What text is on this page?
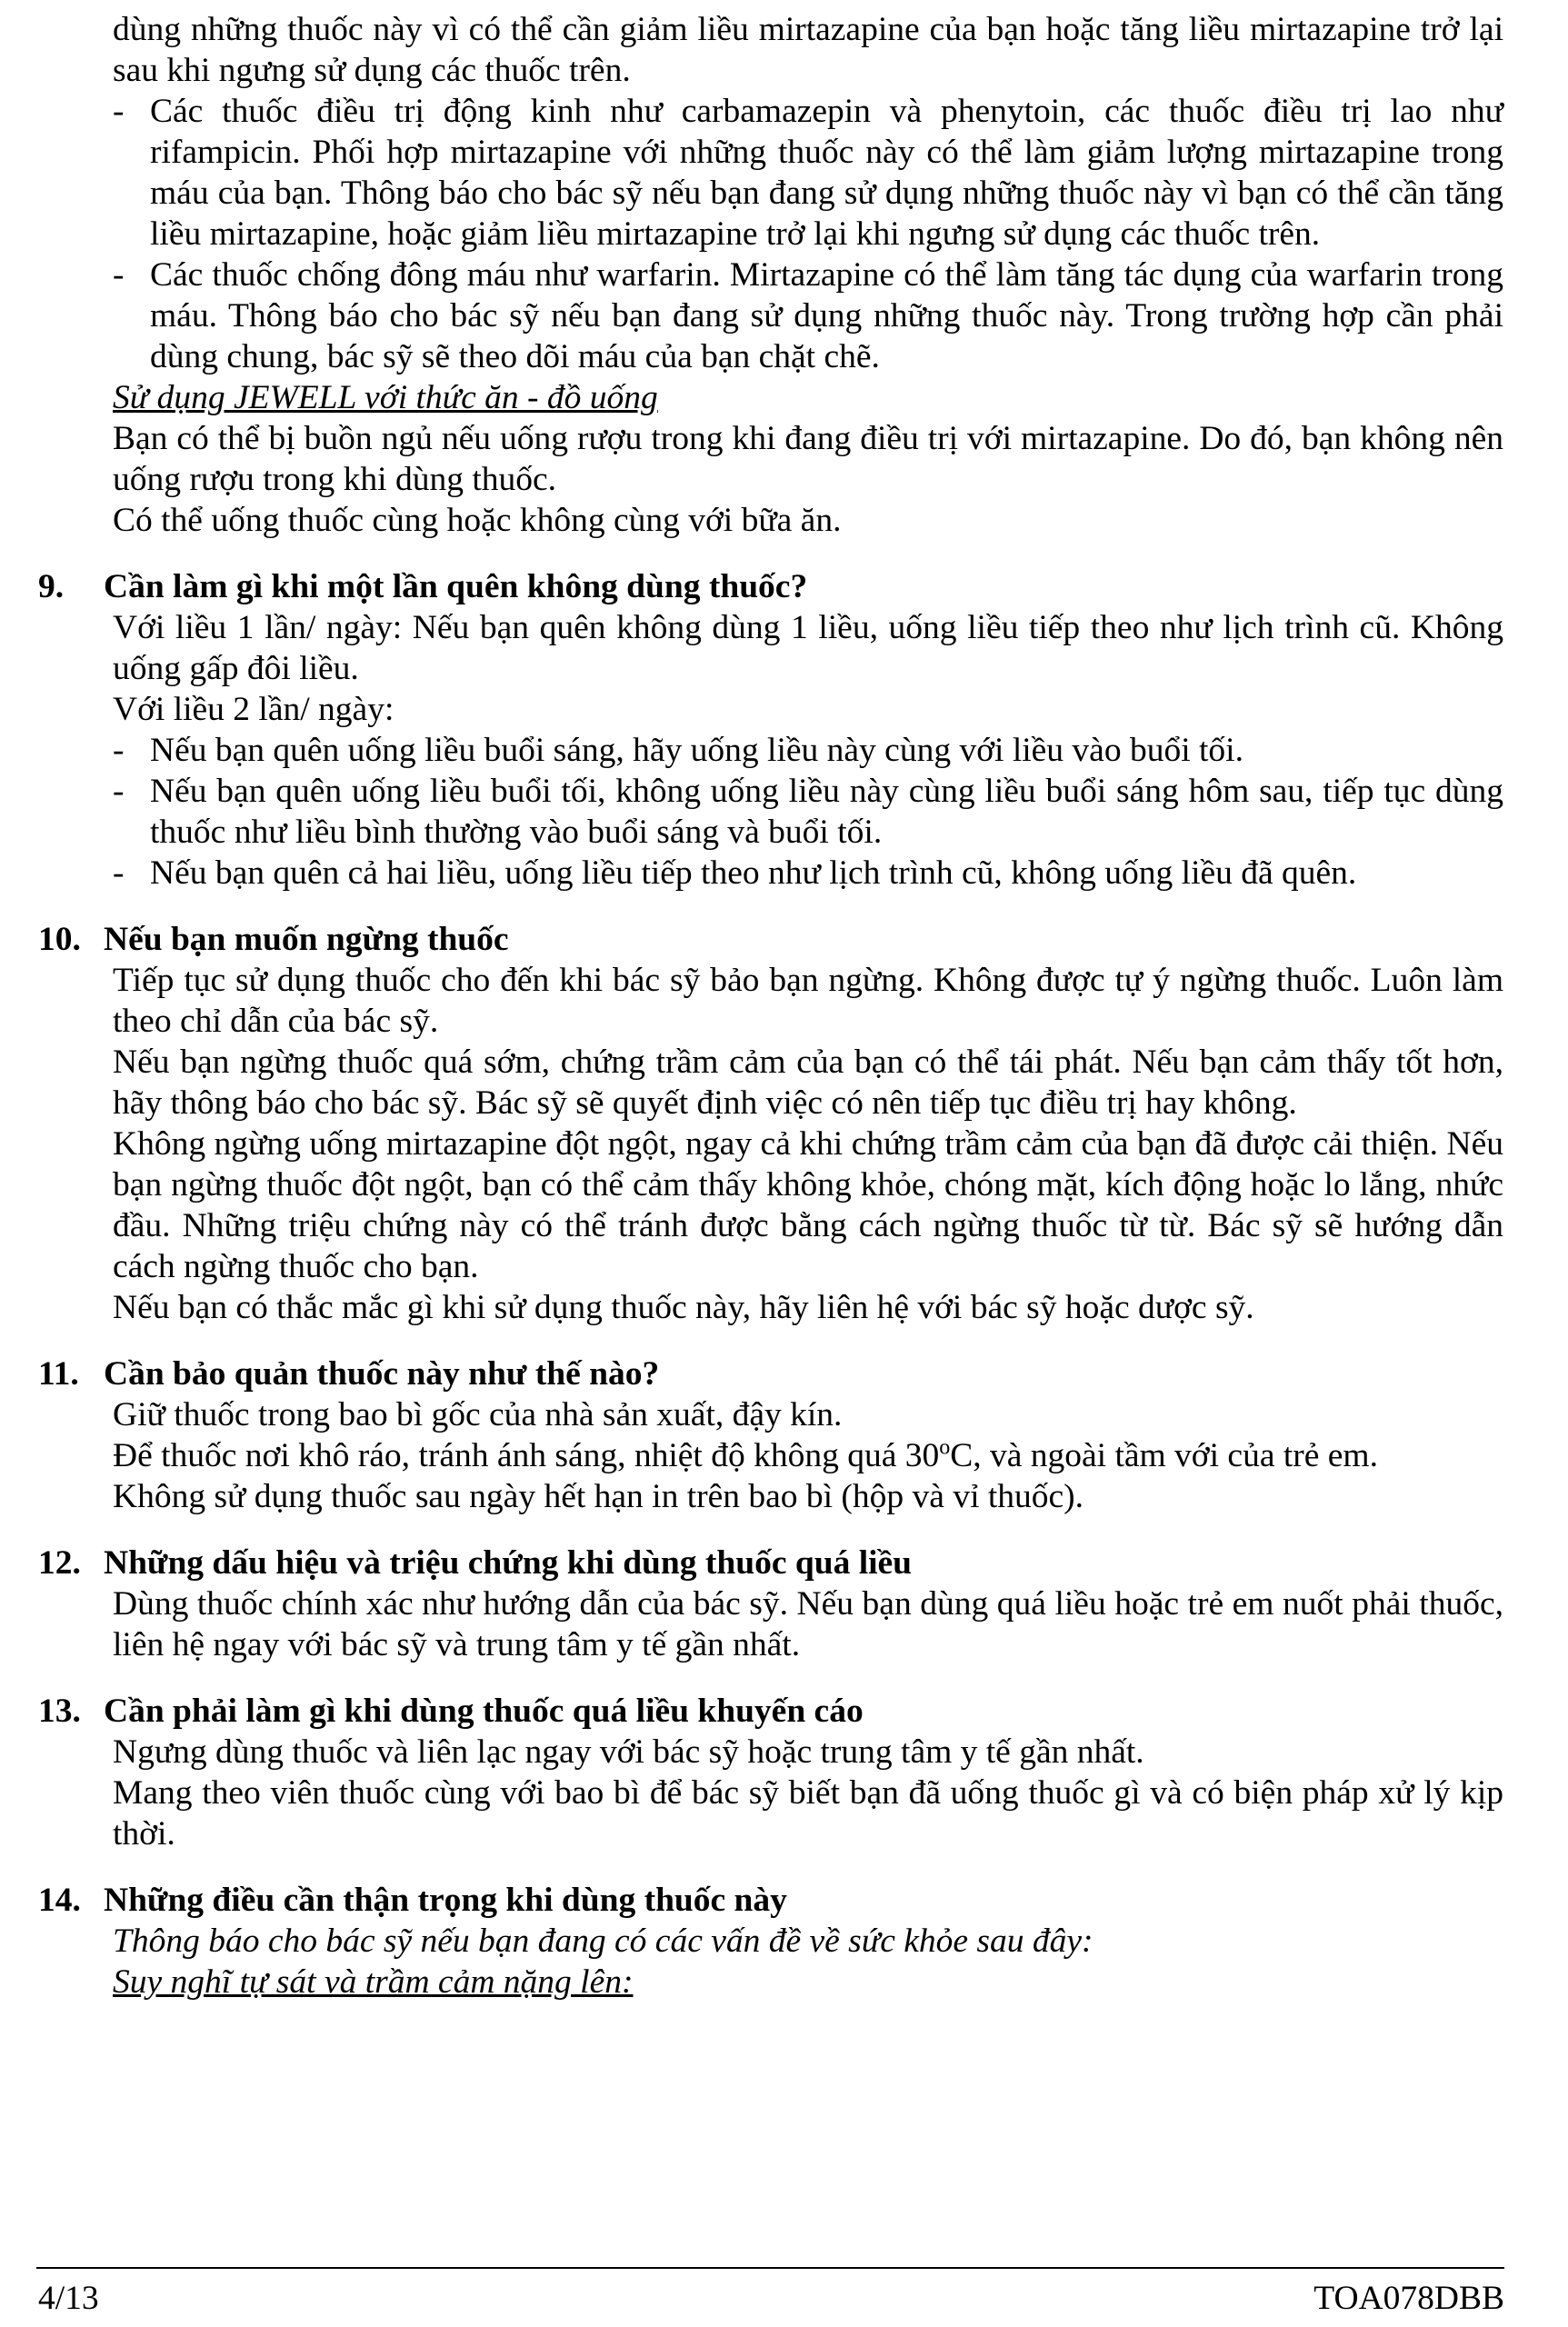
dùng những thuốc này vì có thể cần giảm liều mirtazapine của bạn hoặc tăng liều mirtazapine trở lại sau khi ngưng sử dụng các thuốc trên.

- Các thuốc điều trị động kinh như carbamazepin và phenytoin, các thuốc điều trị lao như rifampicin. Phối hợp mirtazapine với những thuốc này có thể làm giảm lượng mirtazapine trong máu của bạn. Thông báo cho bác sỹ nếu bạn đang sử dụng những thuốc này vì bạn có thể cần tăng liều mirtazapine, hoặc giảm liều mirtazapine trở lại khi ngưng sử dụng các thuốc trên.

- Các thuốc chống đông máu như warfarin. Mirtazapine có thể làm tăng tác dụng của warfarin trong máu. Thông báo cho bác sỹ nếu bạn đang sử dụng những thuốc này. Trong trường hợp cần phải dùng chung, bác sỹ sẽ theo dõi máu của bạn chặt chẽ.

Sử dụng JEWELL với thức ăn - đồ uống

Bạn có thể bị buồn ngủ nếu uống rượu trong khi đang điều trị với mirtazapine. Do đó, bạn không nên uống rượu trong khi dùng thuốc.

Có thể uống thuốc cùng hoặc không cùng với bữa ăn.

9. Cần làm gì khi một lần quên không dùng thuốc?

Với liều 1 lần/ ngày: Nếu bạn quên không dùng 1 liều, uống liều tiếp theo như lịch trình cũ. Không uống gấp đôi liều.

Với liều 2 lần/ ngày:

- Nếu bạn quên uống liều buổi sáng, hãy uống liều này cùng với liều vào buổi tối.

- Nếu bạn quên uống liều buổi tối, không uống liều này cùng liều buổi sáng hôm sau, tiếp tục dùng thuốc như liều bình thường vào buổi sáng và buổi tối.

- Nếu bạn quên cả hai liều, uống liều tiếp theo như lịch trình cũ, không uống liều đã quên.

10. Nếu bạn muốn ngừng thuốc

Tiếp tục sử dụng thuốc cho đến khi bác sỹ bảo bạn ngừng. Không được tự ý ngừng thuốc. Luôn làm theo chỉ dẫn của bác sỹ.

Nếu bạn ngừng thuốc quá sớm, chứng trầm cảm của bạn có thể tái phát. Nếu bạn cảm thấy tốt hơn, hãy thông báo cho bác sỹ. Bác sỹ sẽ quyết định việc có nên tiếp tục điều trị hay không.

Không ngừng uống mirtazapine đột ngột, ngay cả khi chứng trầm cảm của bạn đã được cải thiện. Nếu bạn ngừng thuốc đột ngột, bạn có thể cảm thấy không khỏe, chóng mặt, kích động hoặc lo lắng, nhức đầu. Những triệu chứng này có thể tránh được bằng cách ngừng thuốc từ từ. Bác sỹ sẽ hướng dẫn cách ngừng thuốc cho bạn.

Nếu bạn có thắc mắc gì khi sử dụng thuốc này, hãy liên hệ với bác sỹ hoặc dược sỹ.

11. Cần bảo quản thuốc này như thế nào?

Giữ thuốc trong bao bì gốc của nhà sản xuất, đậy kín.

Để thuốc nơi khô ráo, tránh ánh sáng, nhiệt độ không quá 30$^o$C, và ngoài tầm với của trẻ em.

Không sử dụng thuốc sau ngày hết hạn in trên bao bì (hộp và vỉ thuốc).

12. Những dấu hiệu và triệu chứng khi dùng thuốc quá liều

Dùng thuốc chính xác như hướng dẫn của bác sỹ. Nếu bạn dùng quá liều hoặc trẻ em nuốt phải thuốc, liên hệ ngay với bác sỹ và trung tâm y tế gần nhất.

13. Cần phải làm gì khi dùng thuốc quá liều khuyến cáo

Ngưng dùng thuốc và liên lạc ngay với bác sỹ hoặc trung tâm y tế gần nhất.

Mang theo viên thuốc cùng với bao bì để bác sỹ biết bạn đã uống thuốc gì và có biện pháp xử lý kịp thời.

14. Những điều cần thận trọng khi dùng thuốc này

Thông báo cho bác sỹ nếu bạn đang có các vấn đề về sức khỏe sau đây:

Suy nghĩ tự sát và trầm cảm nặng lên:

4/13	TOA078DBB
